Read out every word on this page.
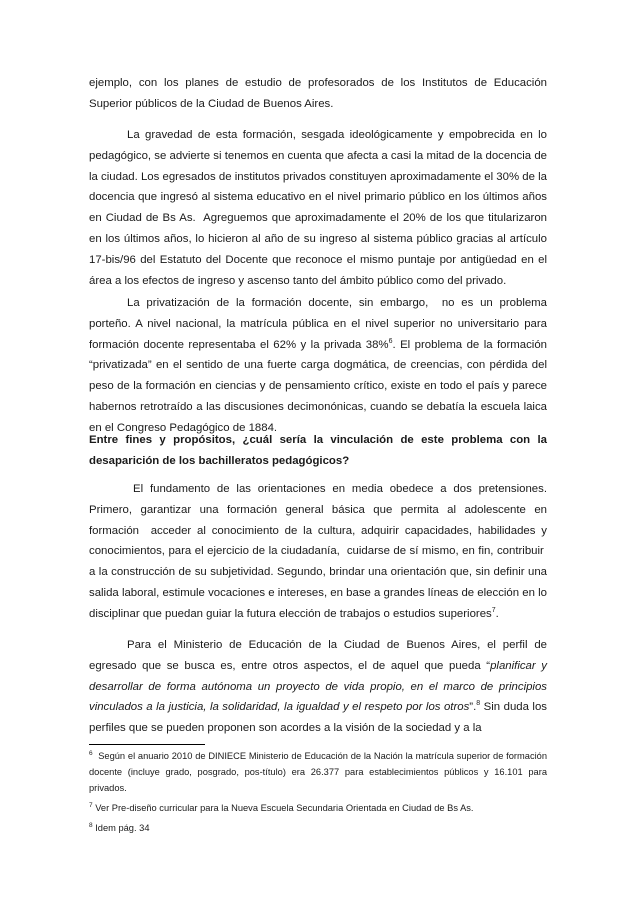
ejemplo, con los planes de estudio de profesorados de los Institutos de Educación Superior públicos de la Ciudad de Buenos Aires.

La gravedad de esta formación, sesgada ideológicamente y empobrecida en lo pedagógico, se advierte si tenemos en cuenta que afecta a casi la mitad de la docencia de la ciudad. Los egresados de institutos privados constituyen aproximadamente el 30% de la docencia que ingresó al sistema educativo en el nivel primario público en los últimos años en Ciudad de Bs As. Agreguemos que aproximadamente el 20% de los que titularizaron en los últimos años, lo hicieron al año de su ingreso al sistema público gracias al artículo 17-bis/96 del Estatuto del Docente que reconoce el mismo puntaje por antigüedad en el área a los efectos de ingreso y ascenso tanto del ámbito público como del privado.

La privatización de la formación docente, sin embargo, no es un problema porteño. A nivel nacional, la matrícula pública en el nivel superior no universitario para formación docente representaba el 62% y la privada 38%$^6$. El problema de la formación “privatizada” en el sentido de una fuerte carga dogmática, de creencias, con pérdida del peso de la formación en ciencias y de pensamiento crítico, existe en todo el país y parece habernos retrotraído a las discusiones decimonónicas, cuando se debatía la escuela laica en el Congreso Pedagógico de 1884.

Entre fines y propósitos, ¿cuál sería la vinculación de este problema con la desaparición de los bachilleratos pedagógicos?

El fundamento de las orientaciones en media obedece a dos pretensiones. Primero, garantizar una formación general básica que permita al adolescente en formación acceder al conocimiento de la cultura, adquirir capacidades, habilidades y conocimientos, para el ejercicio de la ciudadanía, cuidarse de sí mismo, en fin, contribuir  a la construcción de su subjetividad. Segundo, brindar una orientación que, sin definir una salida laboral, estimule vocaciones e intereses, en base a grandes líneas de elección en lo disciplinar que puedan guiar la futura elección de trabajos o estudios superiores$^7$.

Para el Ministerio de Educación de la Ciudad de Buenos Aires, el perfil de egresado que se busca es, entre otros aspectos, el de aquel que pueda “planificar y desarrollar de forma autónoma un proyecto de vida propio, en el marco de principios vinculados a la justicia, la solidaridad, la igualdad y el respeto por los otros”.$^8$ Sin duda los perfiles que se pueden proponen son acordes a la visión de la sociedad y a la

$^6$ Según el anuario 2010 de DINIECE Ministerio de Educación de la Nación la matrícula superior de formación docente (incluye grado, posgrado, pos-título) era 26.377 para establecimientos públicos y 16.101 para privados.

$^7$ Ver Pre-diseño curricular para la Nueva Escuela Secundaria Orientada en Ciudad de Bs As.

$^8$ Idem pág. 34
